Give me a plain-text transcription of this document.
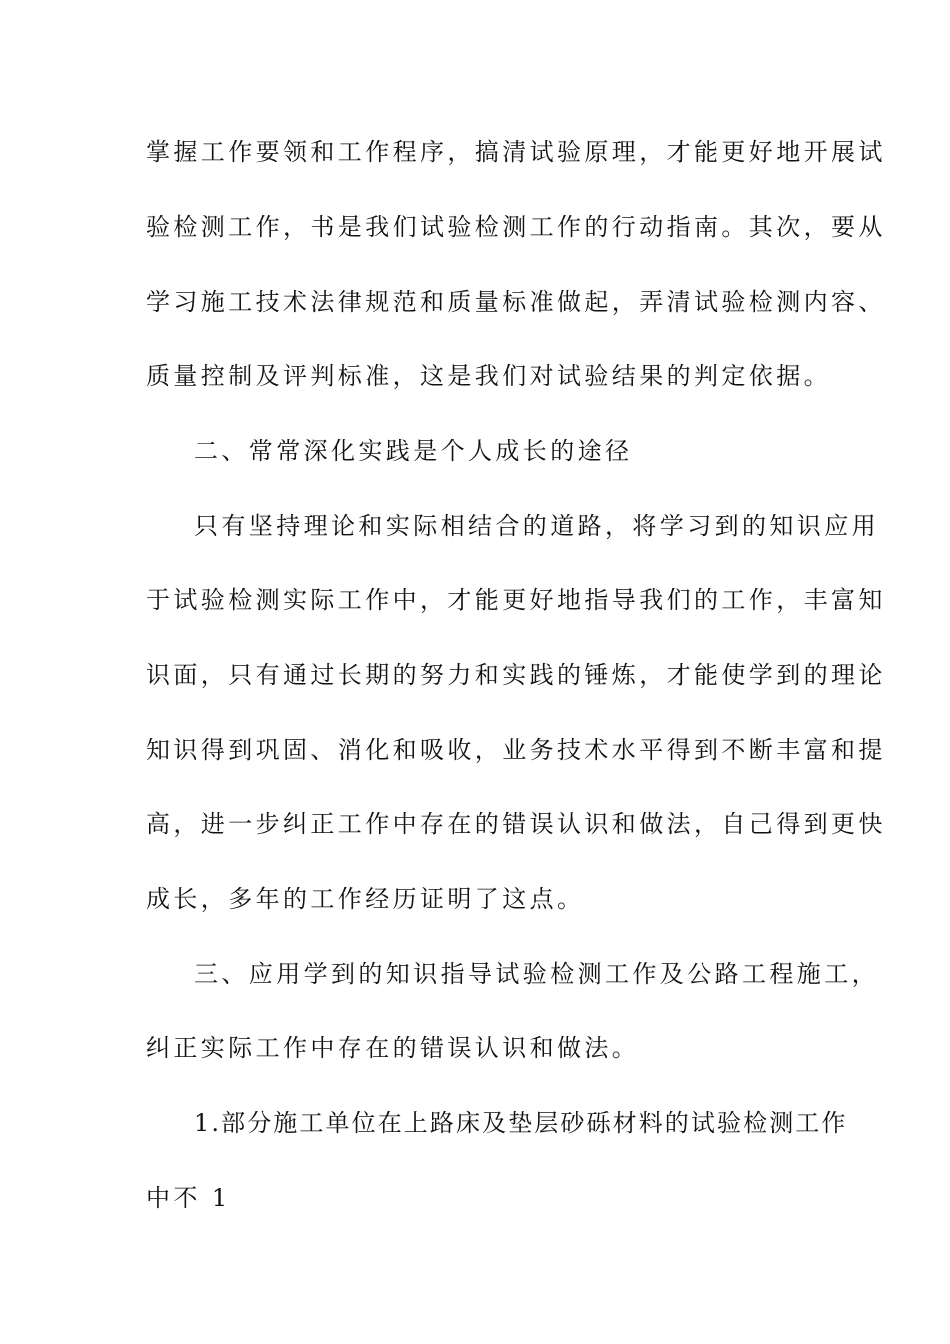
掌握工作要领和工作程序，搞清试验原理，才能更好地开展试
验检测工作，书是我们试验检测工作的行动指南。其次，要从
学习施工技术法律规范和质量标准做起，弄清试验检测内容、
质量控制及评判标准，这是我们对试验结果的判定依据。
二、常常深化实践是个人成长的途径
只有坚持理论和实际相结合的道路，将学习到的知识应用
于试验检测实际工作中，才能更好地指导我们的工作，丰富知
识面，只有通过长期的努力和实践的锤炼，才能使学到的理论
知识得到巩固、消化和吸收，业务技术水平得到不断丰富和提
高，进一步纠正工作中存在的错误认识和做法，自己得到更快
成长，多年的工作经历证明了这点。
三、应用学到的知识指导试验检测工作及公路工程施工，
纠正实际工作中存在的错误认识和做法。
1.部分施工单位在上路床及垫层砂砾材料的试验检测工作
中不 1
